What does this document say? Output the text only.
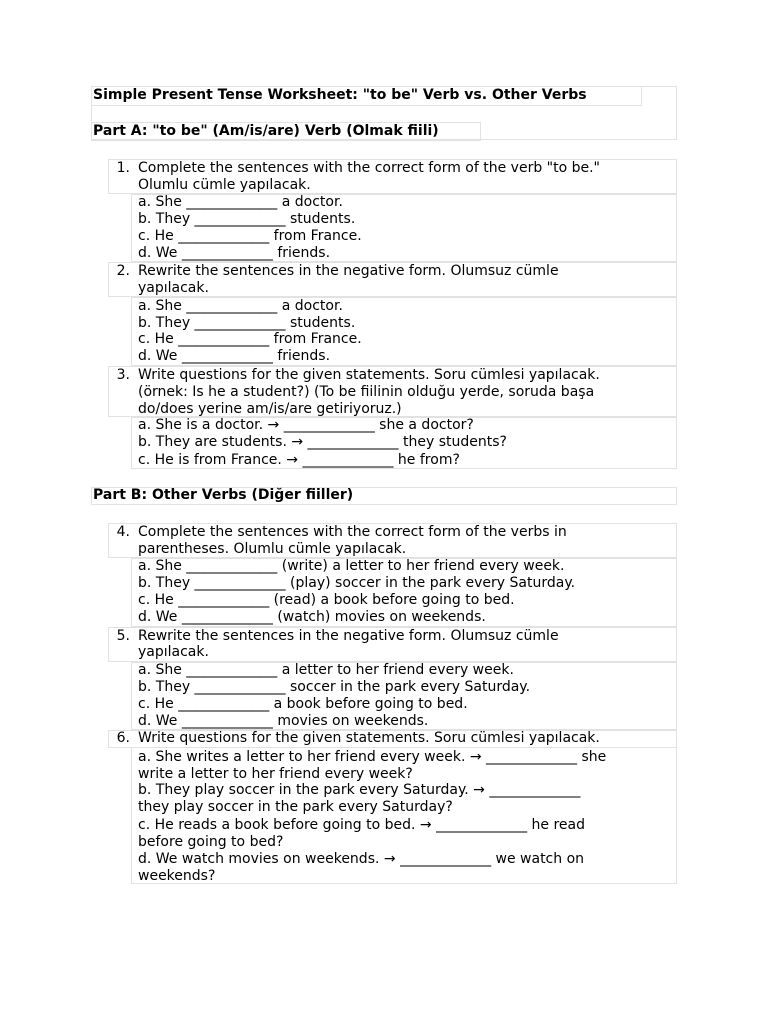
Simple Present Tense Worksheet: "to be" Verb vs. Other Verbs
Part A: "to be" (Am/is/are) Verb (Olmak fiili)
1. Complete the sentences with the correct form of the verb "to be."
Olumlu cümle yapılacak.
a. She _____________ a doctor.
b. They _____________ students.
c. He _____________ from France.
d. We _____________ friends.
2. Rewrite the sentences in the negative form. Olumsuz cümle
yapılacak.
a. She _____________ a doctor.
b. They _____________ students.
c. He _____________ from France.
d. We _____________ friends.
3. Write questions for the given statements. Soru cümlesi yapılacak.
(örnek: Is he a student?) (To be fiilinin olduğu yerde, soruda başa
do/does yerine am/is/are getiriyoruz.)
a. She is a doctor. → _____________ she a doctor?
b. They are students. → _____________ they students?
c. He is from France. → _____________ he from?
Part B: Other Verbs (Diğer fiiller)
4. Complete the sentences with the correct form of the verbs in
parentheses. Olumlu cümle yapılacak.
a. She _____________ (write) a letter to her friend every week.
b. They _____________ (play) soccer in the park every Saturday.
c. He _____________ (read) a book before going to bed.
d. We _____________ (watch) movies on weekends.
5. Rewrite the sentences in the negative form. Olumsuz cümle
yapılacak.
a. She _____________ a letter to her friend every week.
b. They _____________ soccer in the park every Saturday.
c. He _____________ a book before going to bed.
d. We _____________ movies on weekends.
6. Write questions for the given statements. Soru cümlesi yapılacak.
a. She writes a letter to her friend every week. → _____________ she
write a letter to her friend every week?
b. They play soccer in the park every Saturday. → _____________
they play soccer in the park every Saturday?
c. He reads a book before going to bed. → _____________ he read
before going to bed?
d. We watch movies on weekends. → _____________ we watch on
weekends?
